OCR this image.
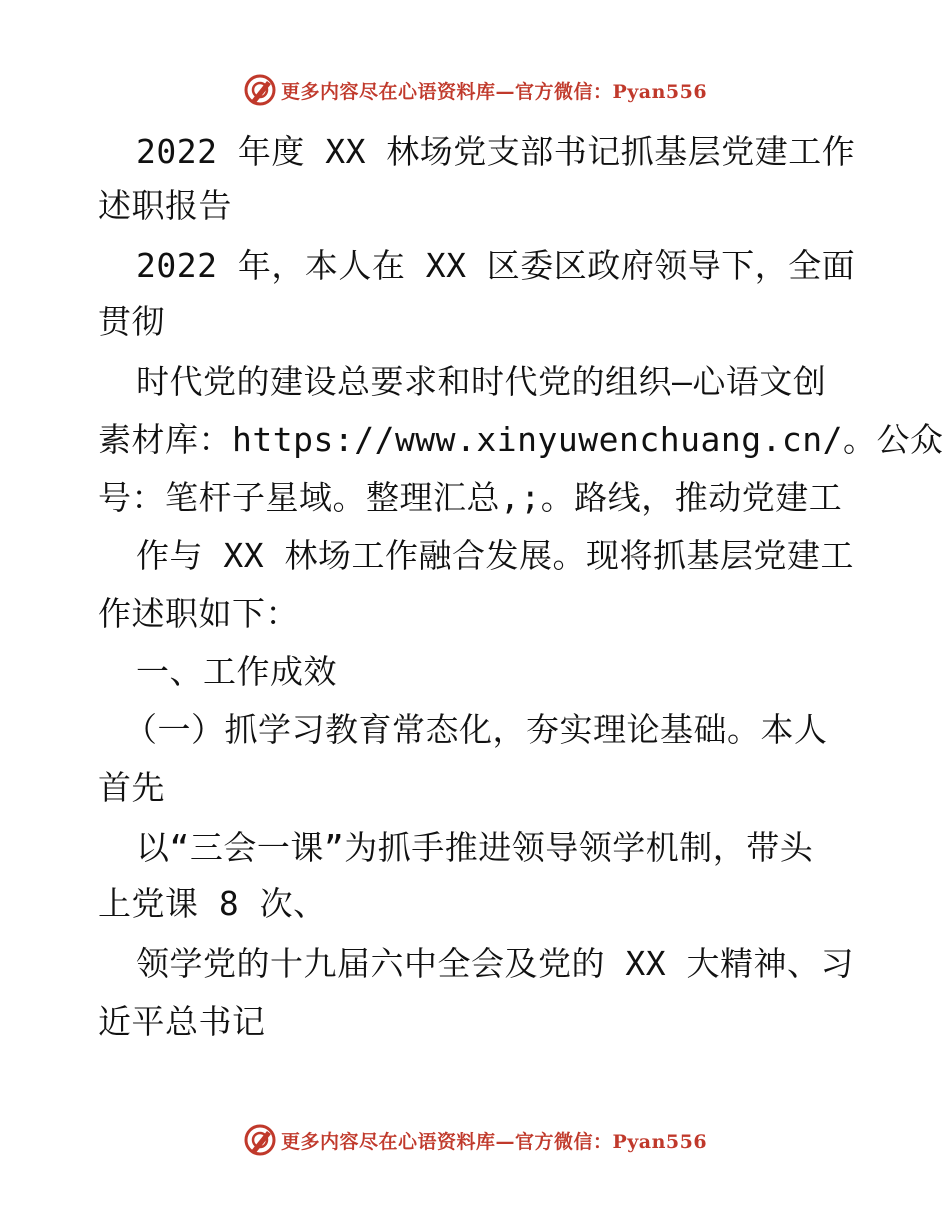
更多内容尽在心语资料库—官方微信：Pyan556
2022 年度 XX 林场党支部书记抓基层党建工作
述职报告
2022 年，本人在 XX 区委区政府领导下，全面
贯彻
时代党的建设总要求和时代党的组织—心语文创
素材库：https://www.xinyuwenchuang.cn/。公众
号：笔杆子星域。整理汇总,;。路线，推动党建工
作与 XX 林场工作融合发展。现将抓基层党建工
作述职如下：
一、工作成效
（一）抓学习教育常态化，夯实理论基础。本人
首先
以“三会一课”为抓手推进领导领学机制，带头
上党课 8 次、
领学党的十九届六中全会及党的 XX 大精神、习
近平总书记
更多内容尽在心语资料库—官方微信：Pyan556
